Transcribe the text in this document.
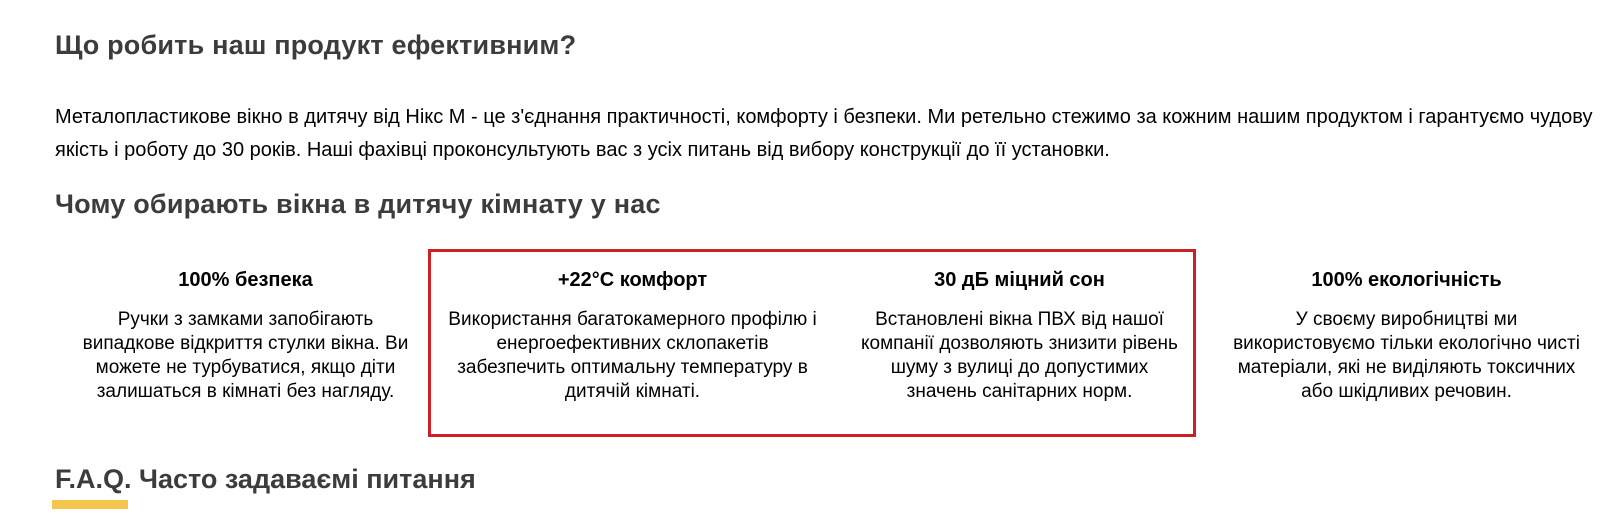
Що робить наш продукт ефективним?

Металопластикове вікно в дитячу від Нікс М - це з'єднання практичності, комфорту і безпеки. Ми ретельно стежимо за кожним нашим продуктом і гарантуємо чудову якість і роботу до 30 років. Наші фахівці проконсультують вас з усіх питань від вибору конструкції до її установки.

Чому обирають вікна в дитячу кімнату у нас
100% безпека
Ручки з замками запобігають
випадкове відкриття стулки вікна. Ви
можете не турбуватися, якщо діти
залишаться в кімнаті без нагляду.
+22°C комфорт
Використання багатокамерного профілю і
енергоефективних склопакетів
забезпечить оптимальну температуру в
дитячій кімнаті.
30 дБ міцний сон
Встановлені вікна ПВХ від нашої
компанії дозволяють знизити рівень
шуму з вулиці до допустимих
значень санітарних норм.
100% екологічність
У своєму виробництві ми
використовуємо тільки екологічно чисті
матеріали, які не виділяють токсичних
або шкідливих речовин.
F.A.Q. Часто задаваємі питання
